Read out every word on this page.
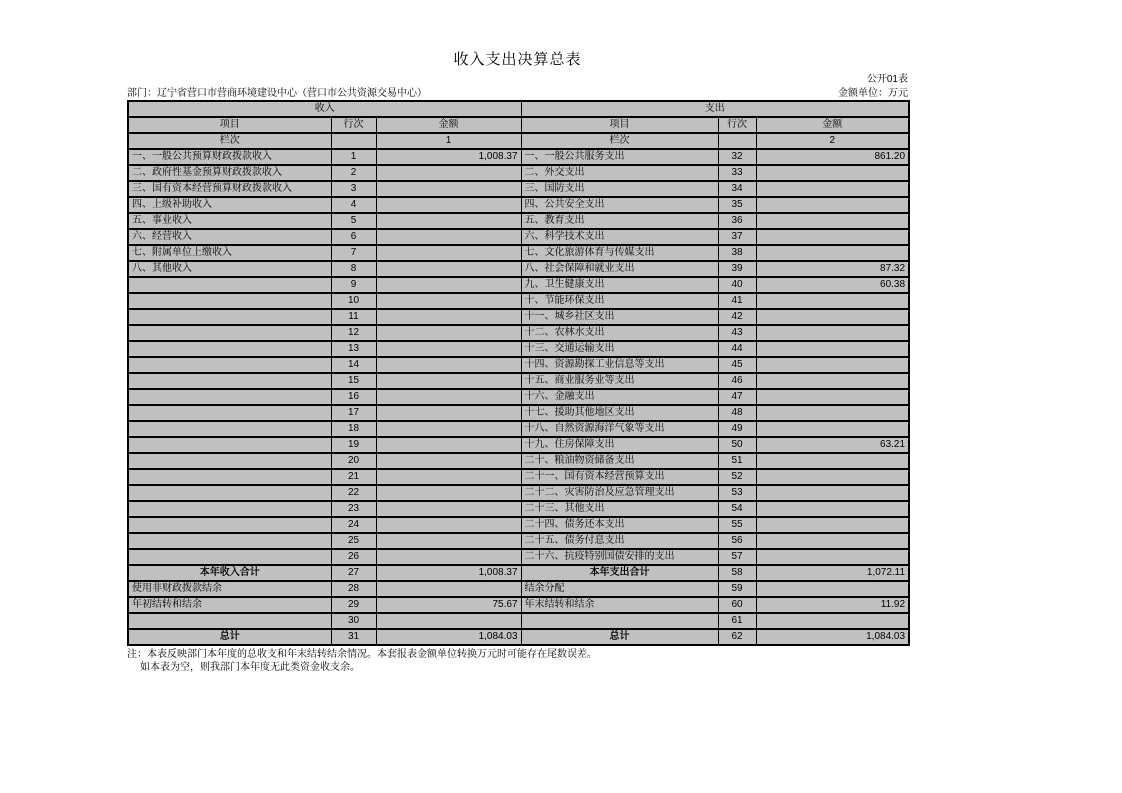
收入支出决算总表
公开01表
部门：辽宁省营口市营商环境建设中心（营口市公共资源交易中心）	金额单位：万元
收入			支出		
项目	行次	金额	项目	行次	金额
栏次		1	栏次		2
一、一般公共预算财政拨款收入	1	1,008.37	一、一般公共服务支出	32	861.20
二、政府性基金预算财政拨款收入	2		二、外交支出	33	
三、国有资本经营预算财政拨款收入	3		三、国防支出	34	
四、上级补助收入	4		四、公共安全支出	35	
五、事业收入	5		五、教育支出	36	
六、经营收入	6		六、科学技术支出	37	
七、附属单位上缴收入	7		七、文化旅游体育与传媒支出	38	
八、其他收入	8		八、社会保障和就业支出	39	87.32
	9		九、卫生健康支出	40	60.38
	10		十、节能环保支出	41	
	11		十一、城乡社区支出	42	
	12		十二、农林水支出	43	
	13		十三、交通运输支出	44	
	14		十四、资源勘探工业信息等支出	45	
	15		十五、商业服务业等支出	46	
	16		十六、金融支出	47	
	17		十七、援助其他地区支出	48	
	18		十八、自然资源海洋气象等支出	49	
	19		十九、住房保障支出	50	63.21
	20		二十、粮油物资储备支出	51	
	21		二十一、国有资本经营预算支出	52	
	22		二十二、灾害防治及应急管理支出	53	
	23		二十三、其他支出	54	
	24		二十四、债务还本支出	55	
	25		二十五、债务付息支出	56	
	26		二十六、抗疫特别国债安排的支出	57	
本年收入合计	27	1,008.37	本年支出合计	58	1,072.11
使用非财政拨款结余	28		结余分配	59	
年初结转和结余	29	75.67	年末结转和结余	60	11.92
	30			61	
总计	31	1,084.03	总计	62	1,084.03
注：本表反映部门本年度的总收支和年末结转结余情况。本套报表金额单位转换万元时可能存在尾数误差。
如本表为空，则我部门本年度无此类资金收支余。
